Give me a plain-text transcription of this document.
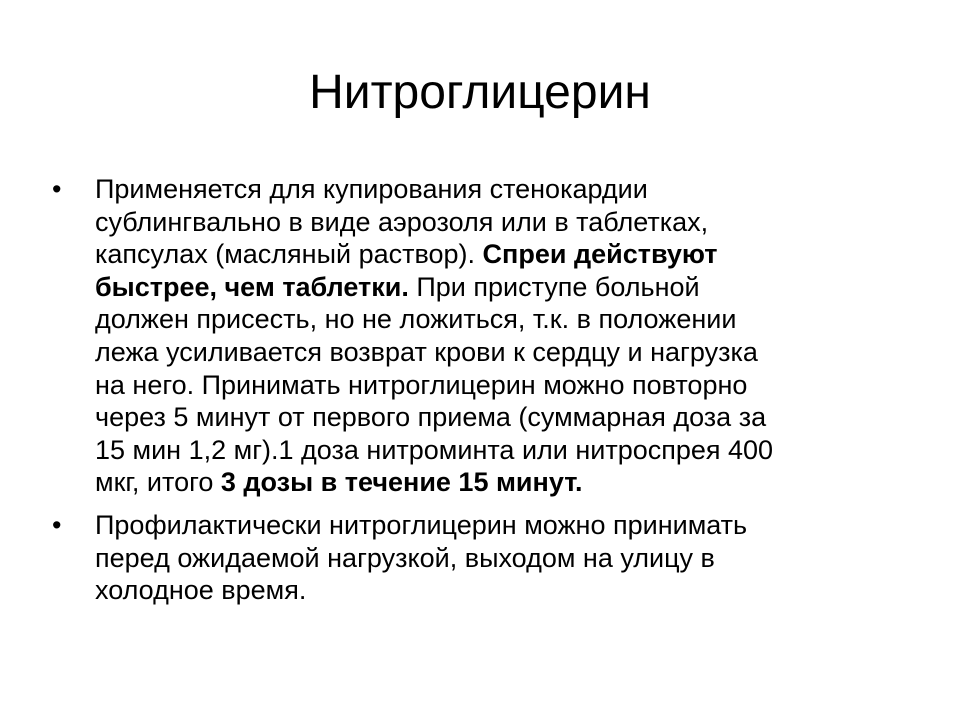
Нитроглицерин
•	Применяется для купирования стенокардии
сублингвально в виде аэрозоля или в таблетках,
капсулах (масляный раствор). Спреи действуют
быстрее, чем таблетки. При приступе больной
должен присесть, но не ложиться, т.к. в положении
лежа усиливается возврат крови к сердцу и нагрузка
на него. Принимать нитроглицерин можно повторно
через 5 минут от первого приема (суммарная доза за
15 мин 1,2 мг).1 доза нитроминта или нитроспрея 400
мкг, итого 3 дозы в течение 15 минут.
•	Профилактически нитроглицерин можно принимать
перед ожидаемой нагрузкой, выходом на улицу в
холодное время.
